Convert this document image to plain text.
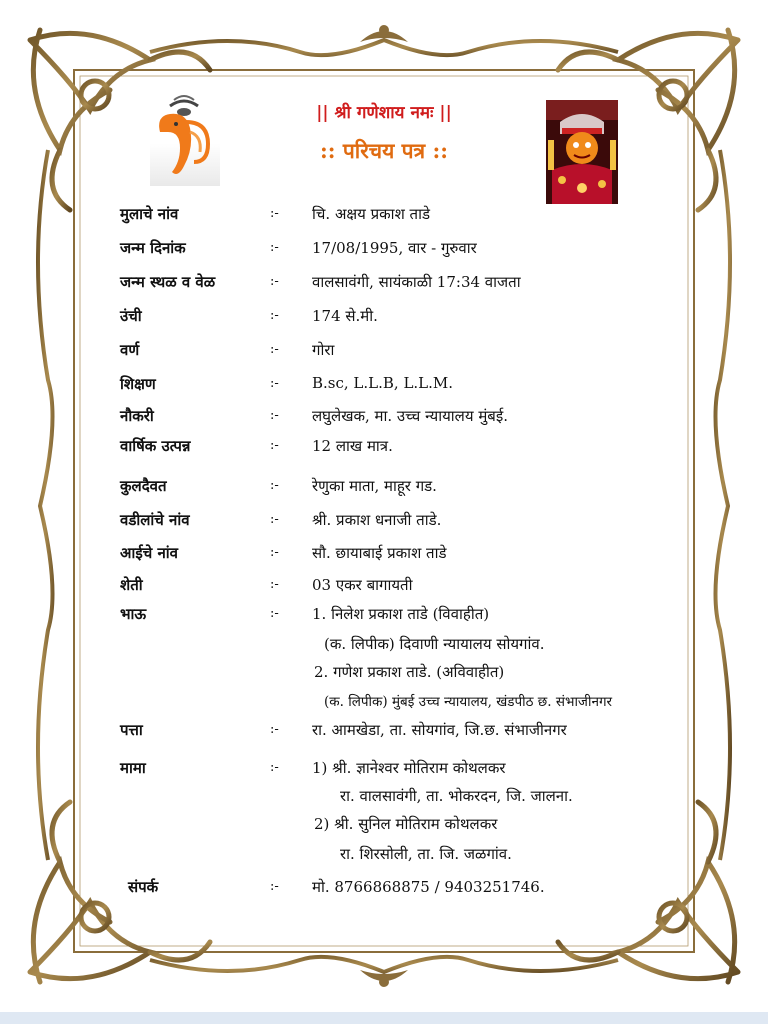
|| श्री गणेशाय नमः ||
:: परिचय पत्र ::
मुलाचे नांव	:- चि. अक्षय प्रकाश ताडे
जन्म दिनांक	:- 17/08/1995, वार - गुरुवार
जन्म स्थळ व वेळ	:- वालसावंगी, सायंकाळी 17:34 वाजता
उंची	:- 174 से.मी.
वर्ण	:- गोरा
शिक्षण	:- B.sc, L.L.B, L.L.M.
नौकरी	:- लघुलेखक, मा. उच्च न्यायालय मुंबई.
वार्षिक उत्पन्न	:- 12 लाख मात्र.
कुलदैवत	:- रेणुका माता, माहूर गड.
वडीलांचे नांव	:- श्री. प्रकाश धनाजी ताडे.
आईचे नांव	:- सौ. छायाबाई प्रकाश ताडे
शेती	:- 03 एकर बागायती
भाऊ	:- 1. निलेश प्रकाश ताडे (विवाहीत)
(क. लिपीक) दिवाणी न्यायालय सोयगांव.
2. गणेश प्रकाश ताडे. (अविवाहीत)
(क. लिपीक) मुंबई उच्च न्यायालय, खंडपीठ छ. संभाजीनगर
पत्ता	:- रा. आमखेडा, ता. सोयगांव, जि.छ. संभाजीनगर
मामा	:- 1) श्री. ज्ञानेश्वर मोतिराम कोथलकर
रा. वालसावंगी, ता. भोकरदन, जि. जालना.
2) श्री. सुनिल मोतिराम कोथलकर
रा. शिरसोली, ता. जि. जळगांव.
संपर्क	:- मो. 8766868875 / 9403251746.
